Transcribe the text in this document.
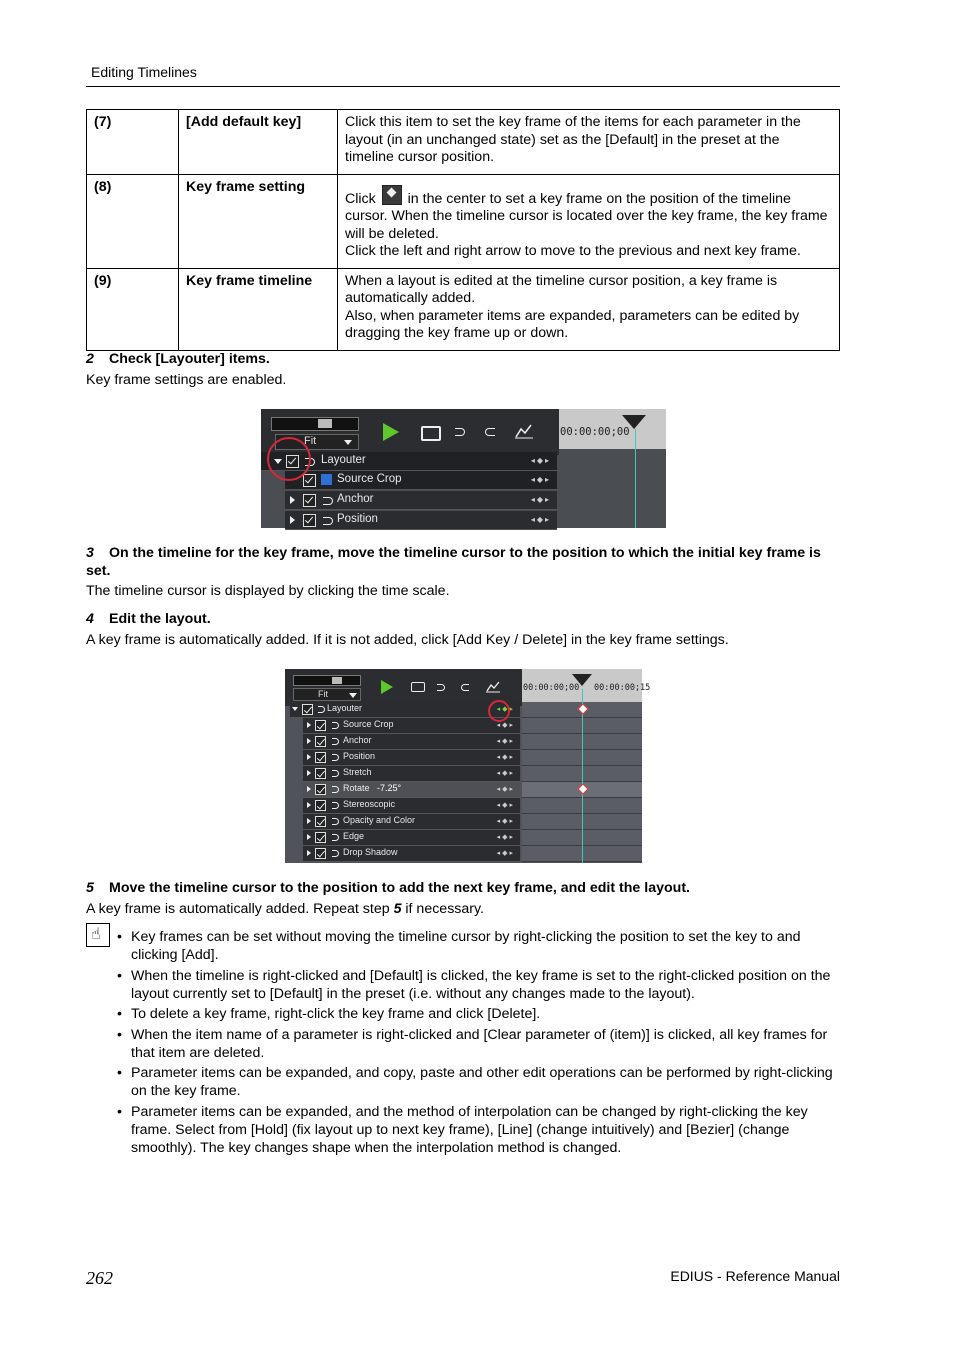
Editing Timelines
(7)	[Add default key]	Click this item to set the key frame of the items for each parameter in the layout (in an unchanged state) set as the [Default] in the preset at the timeline cursor position.
(8)	Key frame setting	Click in the center to set a key frame on the position of the timeline cursor. When the timeline cursor is located over the key frame, the key frame will be deleted.
Click the left and right arrow to move to the previous and next key frame.
(9)	Key frame timeline	When a layout is edited at the timeline cursor position, a key frame is automatically added.
Also, when parameter items are expanded, parameters can be edited by dragging the key frame up or down.
2 Check [Layouter] items.
Key frame settings are enabled.
Fit
00:00:00;00
Layouter	◂◆▸
Source Crop	◂◆▸
Anchor	◂◆▸
Position	◂◆▸
3 On the timeline for the key frame, move the timeline cursor to the position to which the initial key frame is set.
The timeline cursor is displayed by clicking the time scale.
4 Edit the layout.
A key frame is automatically added. If it is not added, click [Add Key / Delete] in the key frame settings.
Fit
00:00:00;00 00:00:00;15
Layouter	◂◆▸
Source Crop	◂◆▸
Anchor	◂◆▸
Position	◂◆▸
Stretch	◂◆▸
Rotate -7.25°	◂◆▸
Stereoscopic	◂◆▸
Opacity and Color	◂◆▸
Edge	◂◆▸
Drop Shadow	◂◆▸
5 Move the timeline cursor to the position to add the next key frame, and edit the layout.
A key frame is automatically added. Repeat step 5 if necessary.
☝
• Key frames can be set without moving the timeline cursor by right-clicking the position to set the key to and clicking [Add].
• When the timeline is right-clicked and [Default] is clicked, the key frame is set to the right-clicked position on the layout currently set to [Default] in the preset (i.e. without any changes made to the layout).
• To delete a key frame, right-click the key frame and click [Delete].
• When the item name of a parameter is right-clicked and [Clear parameter of (item)] is clicked, all key frames for that item are deleted.
• Parameter items can be expanded, and copy, paste and other edit operations can be performed by right-clicking on the key frame.
• Parameter items can be expanded, and the method of interpolation can be changed by right-clicking the key frame. Select from [Hold] (fix layout up to next key frame), [Line] (change intuitively) and [Bezier] (change smoothly). The key changes shape when the interpolation method is changed.
262	EDIUS - Reference Manual
